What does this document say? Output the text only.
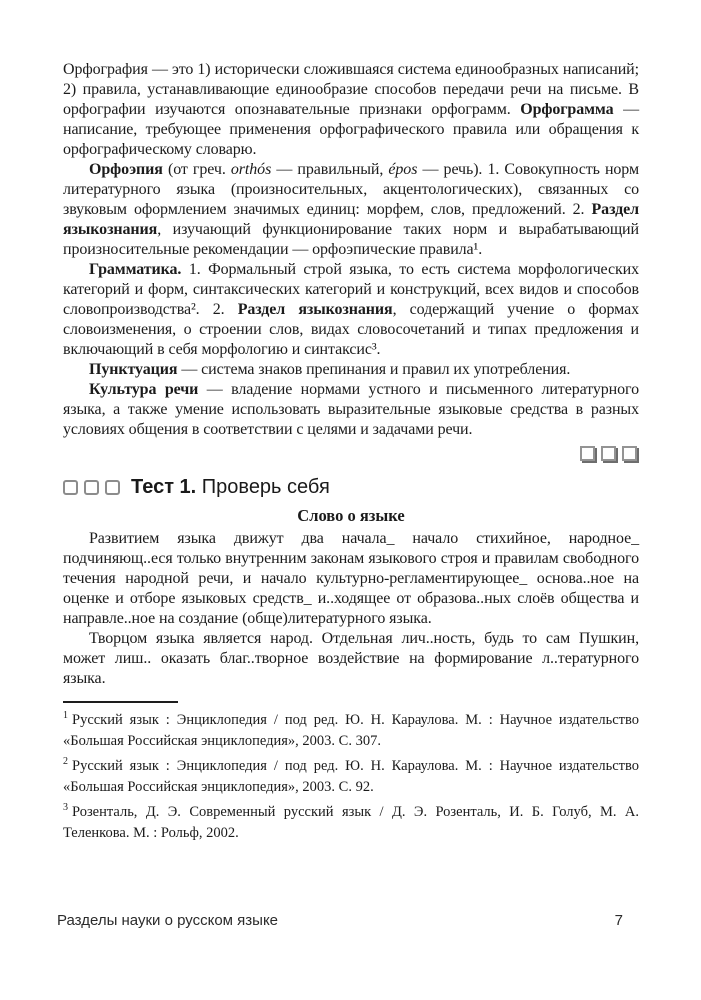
Орфография — это 1) исторически сложившаяся система единообразных написаний; 2) правила, устанавливающие единообразие способов передачи речи на письме. В орфографии изучаются опознавательные признаки орфограмм. Орфограмма — написание, требующее применения орфографического правила или обращения к орфографическому словарю.

Орфоэпия (от греч. orthós — правильный, épos — речь). 1. Совокупность норм литературного языка (произносительных, акцентологических), связанных со звуковым оформлением значимых единиц: морфем, слов, предложений. 2. Раздел языкознания, изучающий функционирование таких норм и вырабатывающий произносительные рекомендации — орфоэпические правила¹.

Грамматика. 1. Формальный строй языка, то есть система морфологических категорий и форм, синтаксических категорий и конструкций, всех видов и способов словопроизводства². 2. Раздел языкознания, содержащий учение о формах словоизменения, о строении слов, видах словосочетаний и типах предложения и включающий в себя морфологию и синтаксис³.

Пунктуация — система знаков препинания и правил их употребления.

Культура речи — владение нормами устного и письменного литературного языка, а также умение использовать выразительные языковые средства в разных условиях общения в соответствии с целями и задачами речи.

Тест 1. Проверь себя
Слово о языке

Развитием языка движут два начала_ начало стихийное, народное_ подчиняющ..еся только внутренним законам языкового строя и правилам свободного течения народной речи, и начало культурно-регламентирующее_ основа..ное на оценке и отборе языковых средств_ и..ходящее от образова..ных слоёв общества и направле..ное на создание (обще)литературного языка.

Творцом языка является народ. Отдельная лич..ность, будь то сам Пушкин, может лиш.. оказать благ..творное воздействие на формирование л..тературного языка.

$^1$ Русский язык : Энциклопедия / под ред. Ю. Н. Караулова. М. : Научное издательство «Большая Российская энциклопедия», 2003. С. 307.

$^2$ Русский язык : Энциклопедия / под ред. Ю. Н. Караулова. М. : Научное издательство «Большая Российская энциклопедия», 2003. С. 92.

$^3$ Розенталь, Д. Э. Современный русский язык / Д. Э. Розенталь, И. Б. Голуб, М. А. Теленкова. М. : Рольф, 2002.

Разделы науки о русском языке	7
